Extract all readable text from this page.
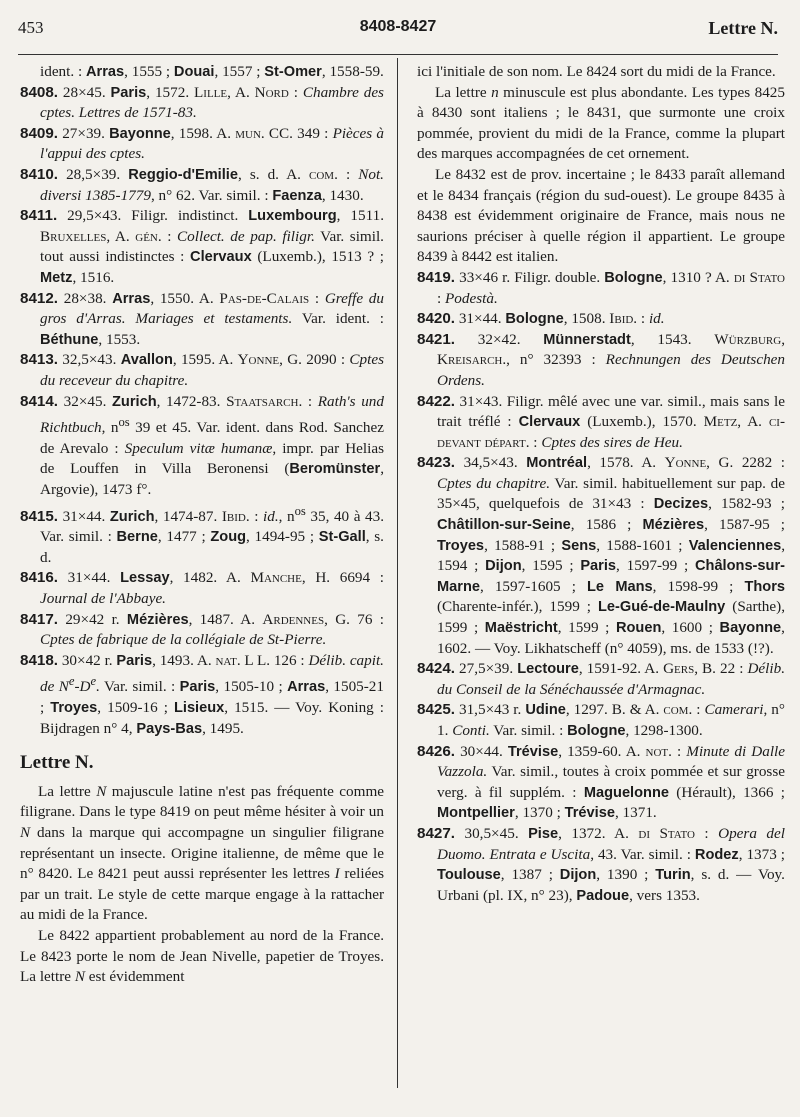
453	8408-8427	Lettre N.

ident. : Arras, 1555 ; Douai, 1557 ; St-Omer, 1558-59.

8408. 28×45. Paris, 1572. Lille, A. Nord : Chambre des cptes. Lettres de 1571-83.

8409. 27×39. Bayonne, 1598. A. mun. CC. 349 : Pièces à l'appui des cptes.

8410. 28,5×39. Reggio-d'Emilie, s. d. A. com. : Not. diversi 1385-1779, n° 62. Var. simil. : Faenza, 1430.

8411. 29,5×43. Filigr. indistinct. Luxembourg, 1511. Bruxelles, A. gén. : Collect. de pap. filigr. Var. simil. tout aussi indistinctes : Clervaux (Luxemb.), 1513 ? ; Metz, 1516.

8412. 28×38. Arras, 1550. A. Pas-de-Calais : Greffe du gros d'Arras. Mariages et testaments. Var. ident. : Béthune, 1553.

8413. 32,5×43. Avallon, 1595. A. Yonne, G. 2090 : Cptes du receveur du chapitre.

8414. 32×45. Zurich, 1472-83. Staatsarch. : Rath's und Richtbuch, $n^{os}$ 39 et 45. Var. ident. dans Rod. Sanchez de Arevalo : Speculum vitæ humanæ, impr. par Helias de Louffen in Villa Beronensi (Beromünster, Argovie), 1473 f°.

8415. 31×44. Zurich, 1474-87. Ibid. : id., $n^{os}$ 35, 40 à 43. Var. simil. : Berne, 1477 ; Zoug, 1494-95 ; St-Gall, s. d.

8416. 31×44. Lessay, 1482. A. Manche, H. 6694 : Journal de l'Abbaye.

8417. 29×42 r. Mézières, 1487. A. Ardennes, G. 76 : Cptes de fabrique de la collégiale de St-Pierre.

8418. 30×42 r. Paris, 1493. A. nat. L L. 126 : Délib. capit. de $N^e-De$. Var. simil. : Paris, 1505-10 ; Arras, 1505-21 ; Troyes, 1509-16 ; Lisieux, 1515. — Voy. Koning : Bijdragen n° 4, Pays-Bas, 1495.

Lettre N.

La lettre N majuscule latine n'est pas fréquente comme filigrane. Dans le type 8419 on peut même hésiter à voir un N dans la marque qui accompagne un singulier filigrane représentant un insecte. Origine italienne, de même que le n° 8420. Le 8421 peut aussi représenter les lettres I reliées par un trait. Le style de cette marque engage à la rattacher au midi de la France.

Le 8422 appartient probablement au nord de la France. Le 8423 porte le nom de Jean Nivelle, papetier de Troyes. La lettre N est évidemment

ici l'initiale de son nom. Le 8424 sort du midi de la France.

La lettre n minuscule est plus abondante. Les types 8425 à 8430 sont italiens ; le 8431, que surmonte une croix pommée, provient du midi de la France, comme la plupart des marques accompagnées de cet ornement.

Le 8432 est de prov. incertaine ; le 8433 paraît allemand et le 8434 français (région du sud-ouest). Le groupe 8435 à 8438 est évidemment originaire de France, mais nous ne saurions préciser à quelle région il appartient. Le groupe 8439 à 8442 est italien.

8419. 33×46 r. Filigr. double. Bologne, 1310 ? A. di Stato : Podestà.

8420. 31×44. Bologne, 1508. Ibid. : id.

8421. 32×42. Münnerstadt, 1543. Würzburg, Kreisarch., n° 32393 : Rechnungen des Deutschen Ordens.

8422. 31×43. Filigr. mêlé avec une var. simil., mais sans le trait tréflé : Clervaux (Luxemb.), 1570. Metz, A. ci-devant départ. : Cptes des sires de Heu.

8423. 34,5×43. Montréal, 1578. A. Yonne, G. 2282 : Cptes du chapitre. Var. simil. habituellement sur pap. de 35×45, quelquefois de 31×43 : Decizes, 1582-93 ; Châtillon-sur-Seine, 1586 ; Mézières, 1587-95 ; Troyes, 1588-91 ; Sens, 1588-1601 ; Valenciennes, 1594 ; Dijon, 1595 ; Paris, 1597-99 ; Châlons-sur-Marne, 1597-1605 ; Le Mans, 1598-99 ; Thors (Charente-infér.), 1599 ; Le-Gué-de-Maulny (Sarthe), 1599 ; Maëstricht, 1599 ; Rouen, 1600 ; Bayonne, 1602. — Voy. Likhatscheff (n° 4059), ms. de 1533 (!?).

8424. 27,5×39. Lectoure, 1591-92. A. Gers, B. 22 : Délib. du Conseil de la Sénéchaussée d'Armagnac.

8425. 31,5×43 r. Udine, 1297. B. & A. com. : Camerari, n° 1. Conti. Var. simil. : Bologne, 1298-1300.

8426. 30×44. Trévise, 1359-60. A. not. : Minute di Dalle Vazzola. Var. simil., toutes à croix pommée et sur grosse verg. à fil supplém. : Maguelonne (Hérault), 1366 ; Montpellier, 1370 ; Trévise, 1371.

8427. 30,5×45. Pise, 1372. A. di Stato : Opera del Duomo. Entrata e Uscita, 43. Var. simil. : Rodez, 1373 ; Toulouse, 1387 ; Dijon, 1390 ; Turin, s. d. — Voy. Urbani (pl. IX, n° 23), Padoue, vers 1353.
